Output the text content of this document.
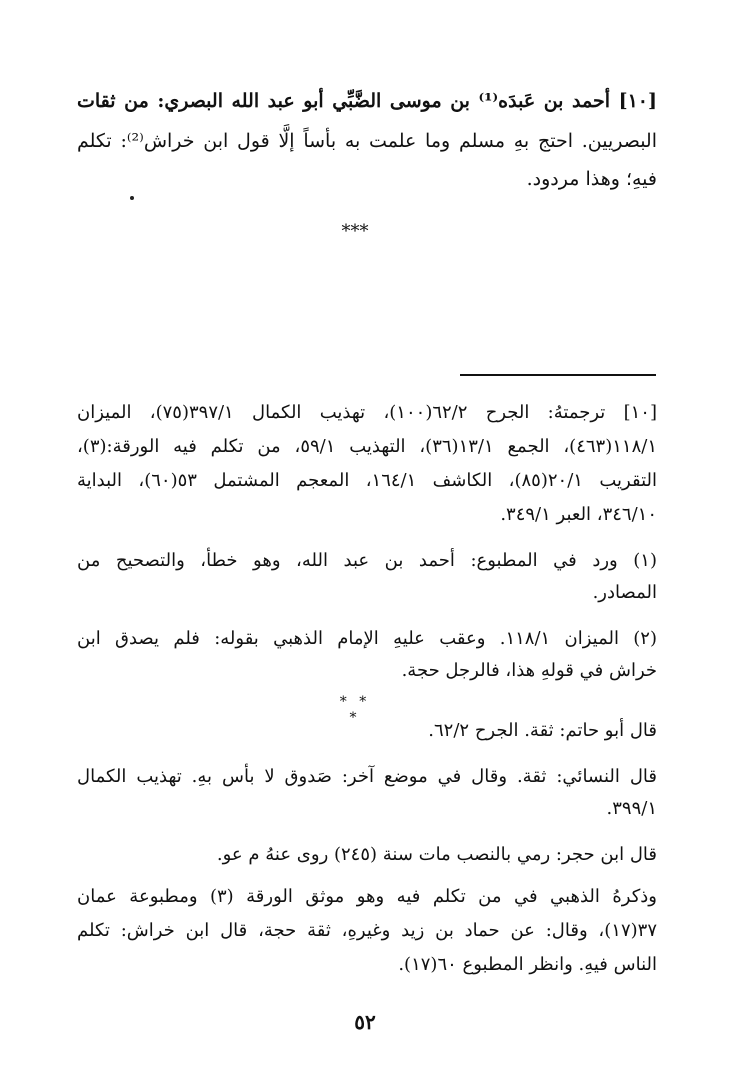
[١٠] أحمد بن عَبدَه⁽¹⁾ بن موسى الضَّبِّي أبو عبد الله البصري: من ثقات
البصريين. احتج بهِ مسلم وما علمت به بأساً إلَّا قول ابن خراش⁽²⁾: تكلم
فيهِ؛ وهذا مردود.
***
[١٠] ترجمتهُ: الجرح ٦٢/٢(١٠٠)، تهذيب الكمال ٣٩٧/١(٧٥)، الميزان
١١٨/١(٤٦٣)، الجمع ١٣/١(٣٦)، التهذيب ٥٩/١، من تكلم فيه الورقة:(٣)،
التقريب ٢٠/١(٨٥)، الكاشف ١٦٤/١، المعجم المشتمل ٥٣(٦٠)، البداية
٣٤٦/١٠، العبر ٣٤٩/١.
(١) ورد في المطبوع: أحمد بن عبد الله، وهو خطأ، والتصحيح من
المصادر.
(٢) الميزان ١١٨/١. وعقب عليهِ الإمام الذهبي بقوله: فلم يصدق ابن
خراش في قولهِ هذا، فالرجل حجة.
* * *
قال أبو حاتم: ثقة. الجرح ٦٢/٢.
قال النسائي: ثقة. وقال في موضع آخر: صَدوق لا بأس بهِ. تهذيب الكمال
٣٩٩/١.
قال ابن حجر: رمي بالنصب مات سنة (٢٤٥) روى عنهُ م عو.
وذكرهُ الذهبي في من تكلم فيه وهو موثق الورقة (٣) ومطبوعة عمان
٣٧(١٧)، وقال: عن حماد بن زيد وغيرهِ، ثقة حجة، قال ابن خراش: تكلم
الناس فيهِ. وانظر المطبوع ٦٠(١٧).
٥٢
